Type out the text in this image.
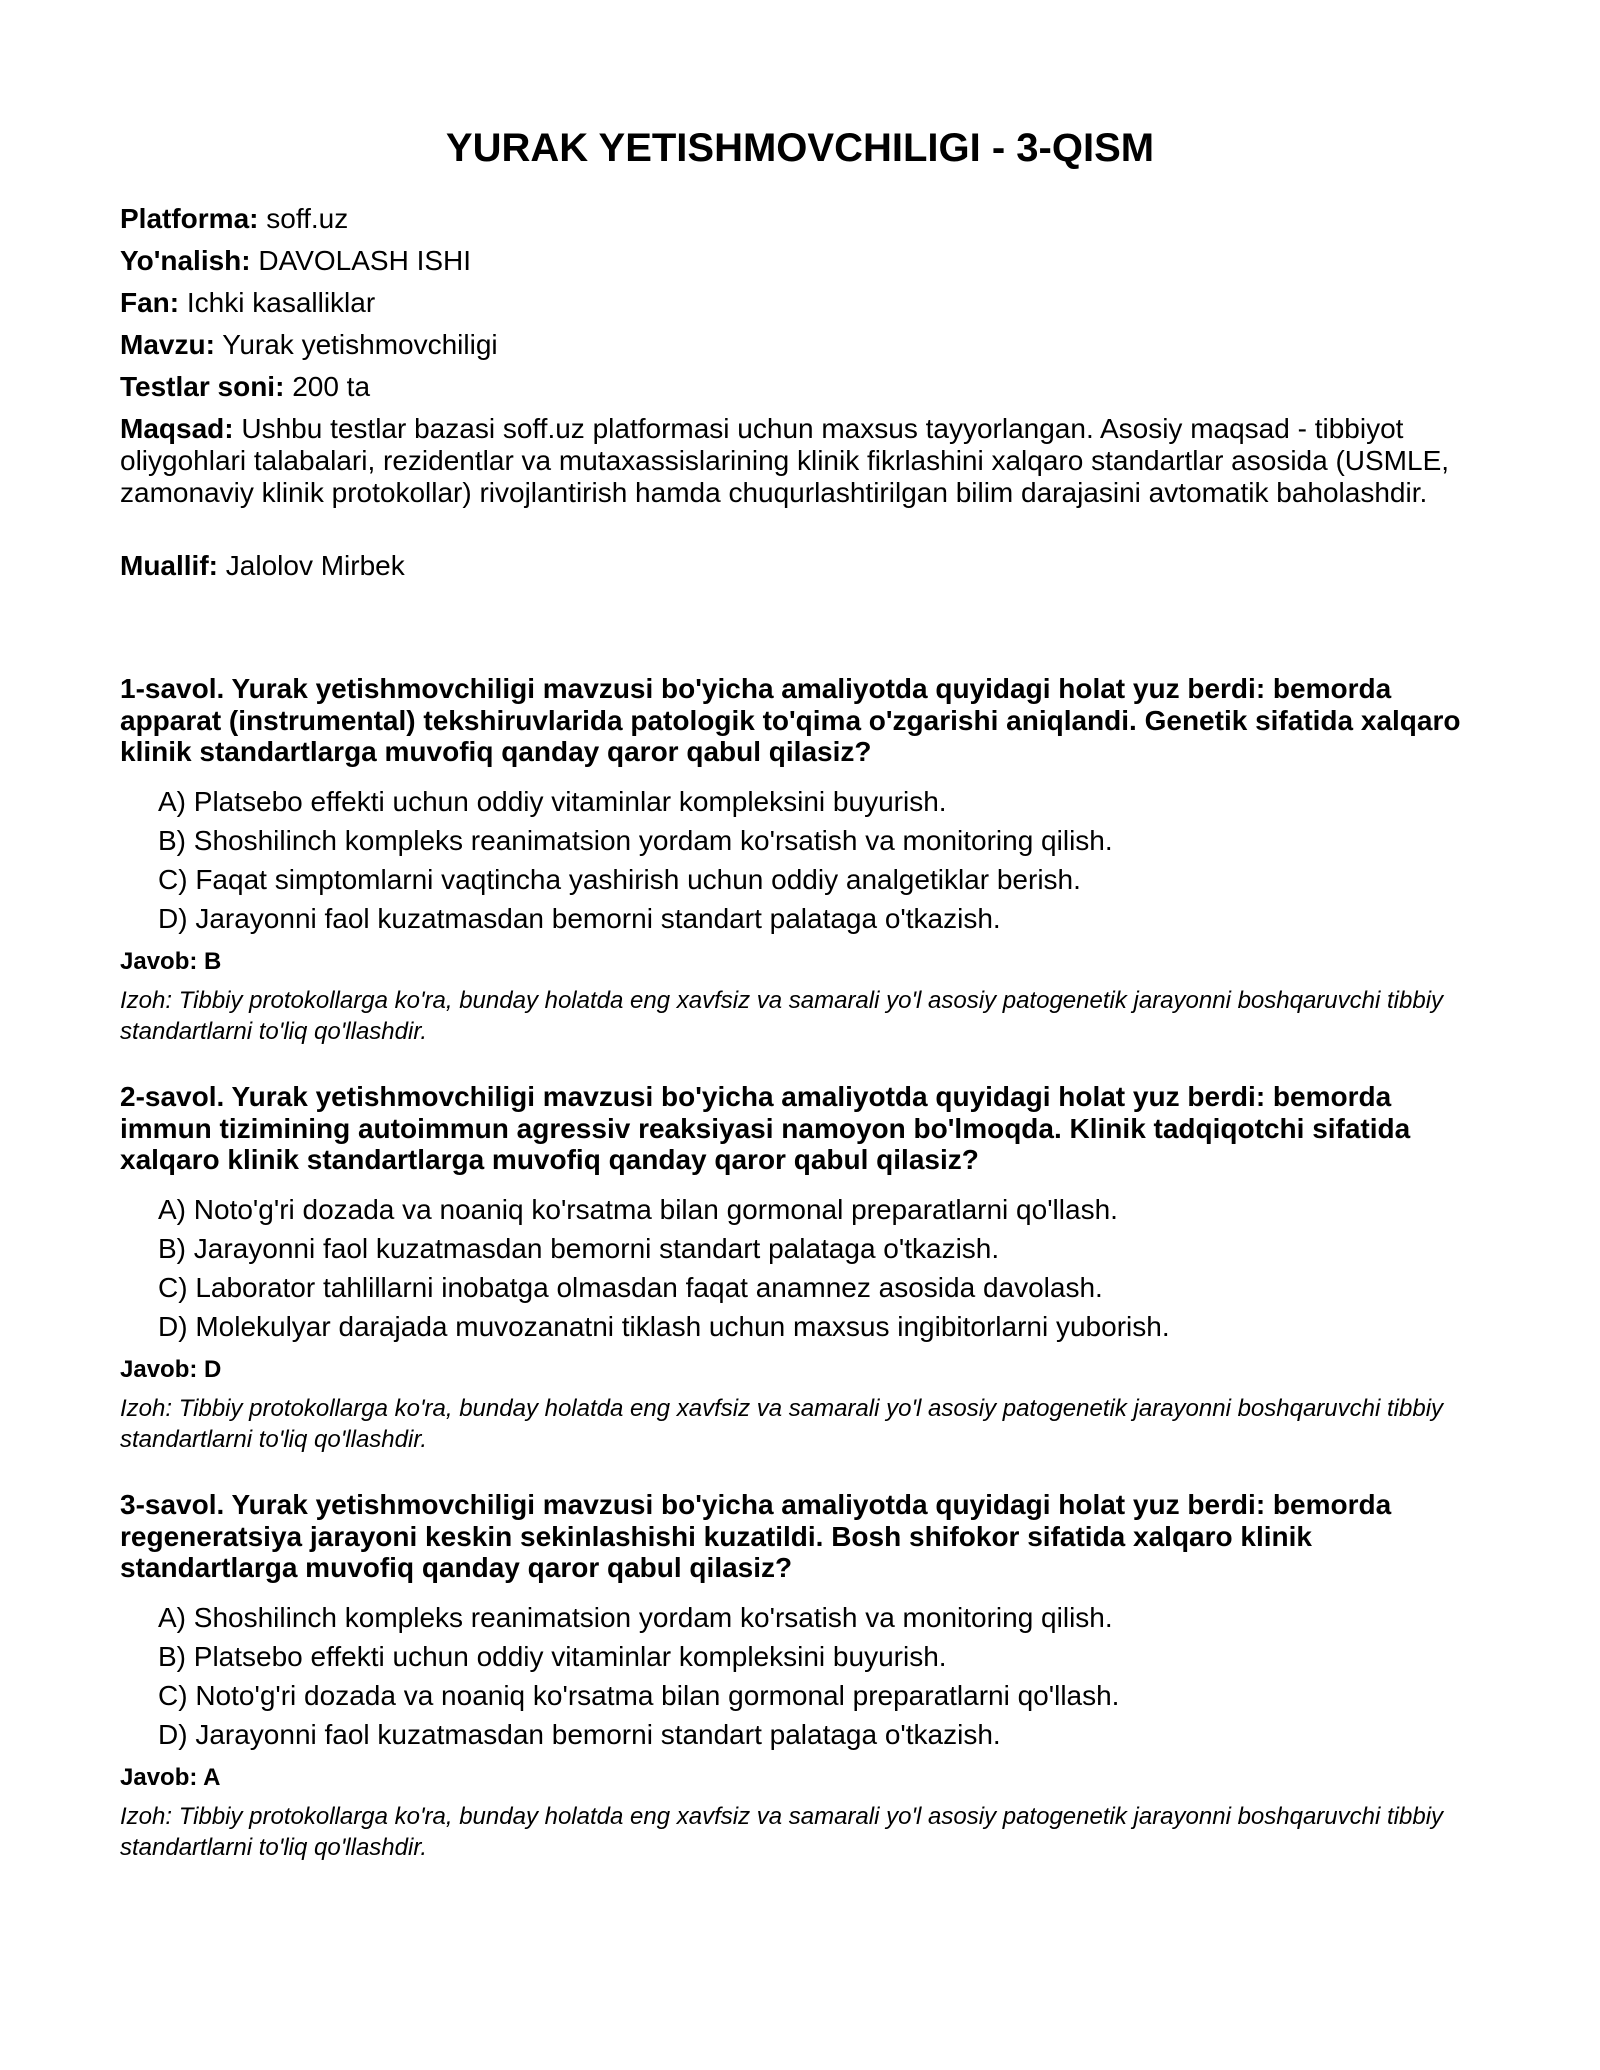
YURAK YETISHMOVCHILIGI - 3-QISM
Platforma: soff.uz
Yo'nalish: DAVOLASH ISHI
Fan: Ichki kasalliklar
Mavzu: Yurak yetishmovchiligi
Testlar soni: 200 ta
Maqsad: Ushbu testlar bazasi soff.uz platformasi uchun maxsus tayyorlangan. Asosiy maqsad - tibbiyot oliygohlari talabalari, rezidentlar va mutaxassislarining klinik fikrlashini xalqaro standartlar asosida (USMLE, zamonaviy klinik protokollar) rivojlantirish hamda chuqurlashtirilgan bilim darajasini avtomatik baholashdir.
Muallif: Jalolov Mirbek

1-savol. Yurak yetishmovchiligi mavzusi bo'yicha amaliyotda quyidagi holat yuz berdi: bemorda apparat (instrumental) tekshiruvlarida patologik to'qima o'zgarishi aniqlandi. Genetik sifatida xalqaro klinik standartlarga muvofiq qanday qaror qabul qilasiz?

A) Platsebo effekti uchun oddiy vitaminlar kompleksini buyurish.
B) Shoshilinch kompleks reanimatsion yordam ko'rsatish va monitoring qilish.
C) Faqat simptomlarni vaqtincha yashirish uchun oddiy analgetiklar berish.
D) Jarayonni faol kuzatmasdan bemorni standart palataga o'tkazish.

Javob: B

Izoh: Tibbiy protokollarga ko'ra, bunday holatda eng xavfsiz va samarali yo'l asosiy patogenetik jarayonni boshqaruvchi tibbiy standartlarni to'liq qo'llashdir.

2-savol. Yurak yetishmovchiligi mavzusi bo'yicha amaliyotda quyidagi holat yuz berdi: bemorda immun tizimining autoimmun agressiv reaksiyasi namoyon bo'lmoqda. Klinik tadqiqotchi sifatida xalqaro klinik standartlarga muvofiq qanday qaror qabul qilasiz?

A) Noto'g'ri dozada va noaniq ko'rsatma bilan gormonal preparatlarni qo'llash.
B) Jarayonni faol kuzatmasdan bemorni standart palataga o'tkazish.
C) Laborator tahlillarni inobatga olmasdan faqat anamnez asosida davolash.
D) Molekulyar darajada muvozanatni tiklash uchun maxsus ingibitorlarni yuborish.

Javob: D

Izoh: Tibbiy protokollarga ko'ra, bunday holatda eng xavfsiz va samarali yo'l asosiy patogenetik jarayonni boshqaruvchi tibbiy standartlarni to'liq qo'llashdir.

3-savol. Yurak yetishmovchiligi mavzusi bo'yicha amaliyotda quyidagi holat yuz berdi: bemorda regeneratsiya jarayoni keskin sekinlashishi kuzatildi. Bosh shifokor sifatida xalqaro klinik standartlarga muvofiq qanday qaror qabul qilasiz?

A) Shoshilinch kompleks reanimatsion yordam ko'rsatish va monitoring qilish.
B) Platsebo effekti uchun oddiy vitaminlar kompleksini buyurish.
C) Noto'g'ri dozada va noaniq ko'rsatma bilan gormonal preparatlarni qo'llash.
D) Jarayonni faol kuzatmasdan bemorni standart palataga o'tkazish.

Javob: A

Izoh: Tibbiy protokollarga ko'ra, bunday holatda eng xavfsiz va samarali yo'l asosiy patogenetik jarayonni boshqaruvchi tibbiy standartlarni to'liq qo'llashdir.
